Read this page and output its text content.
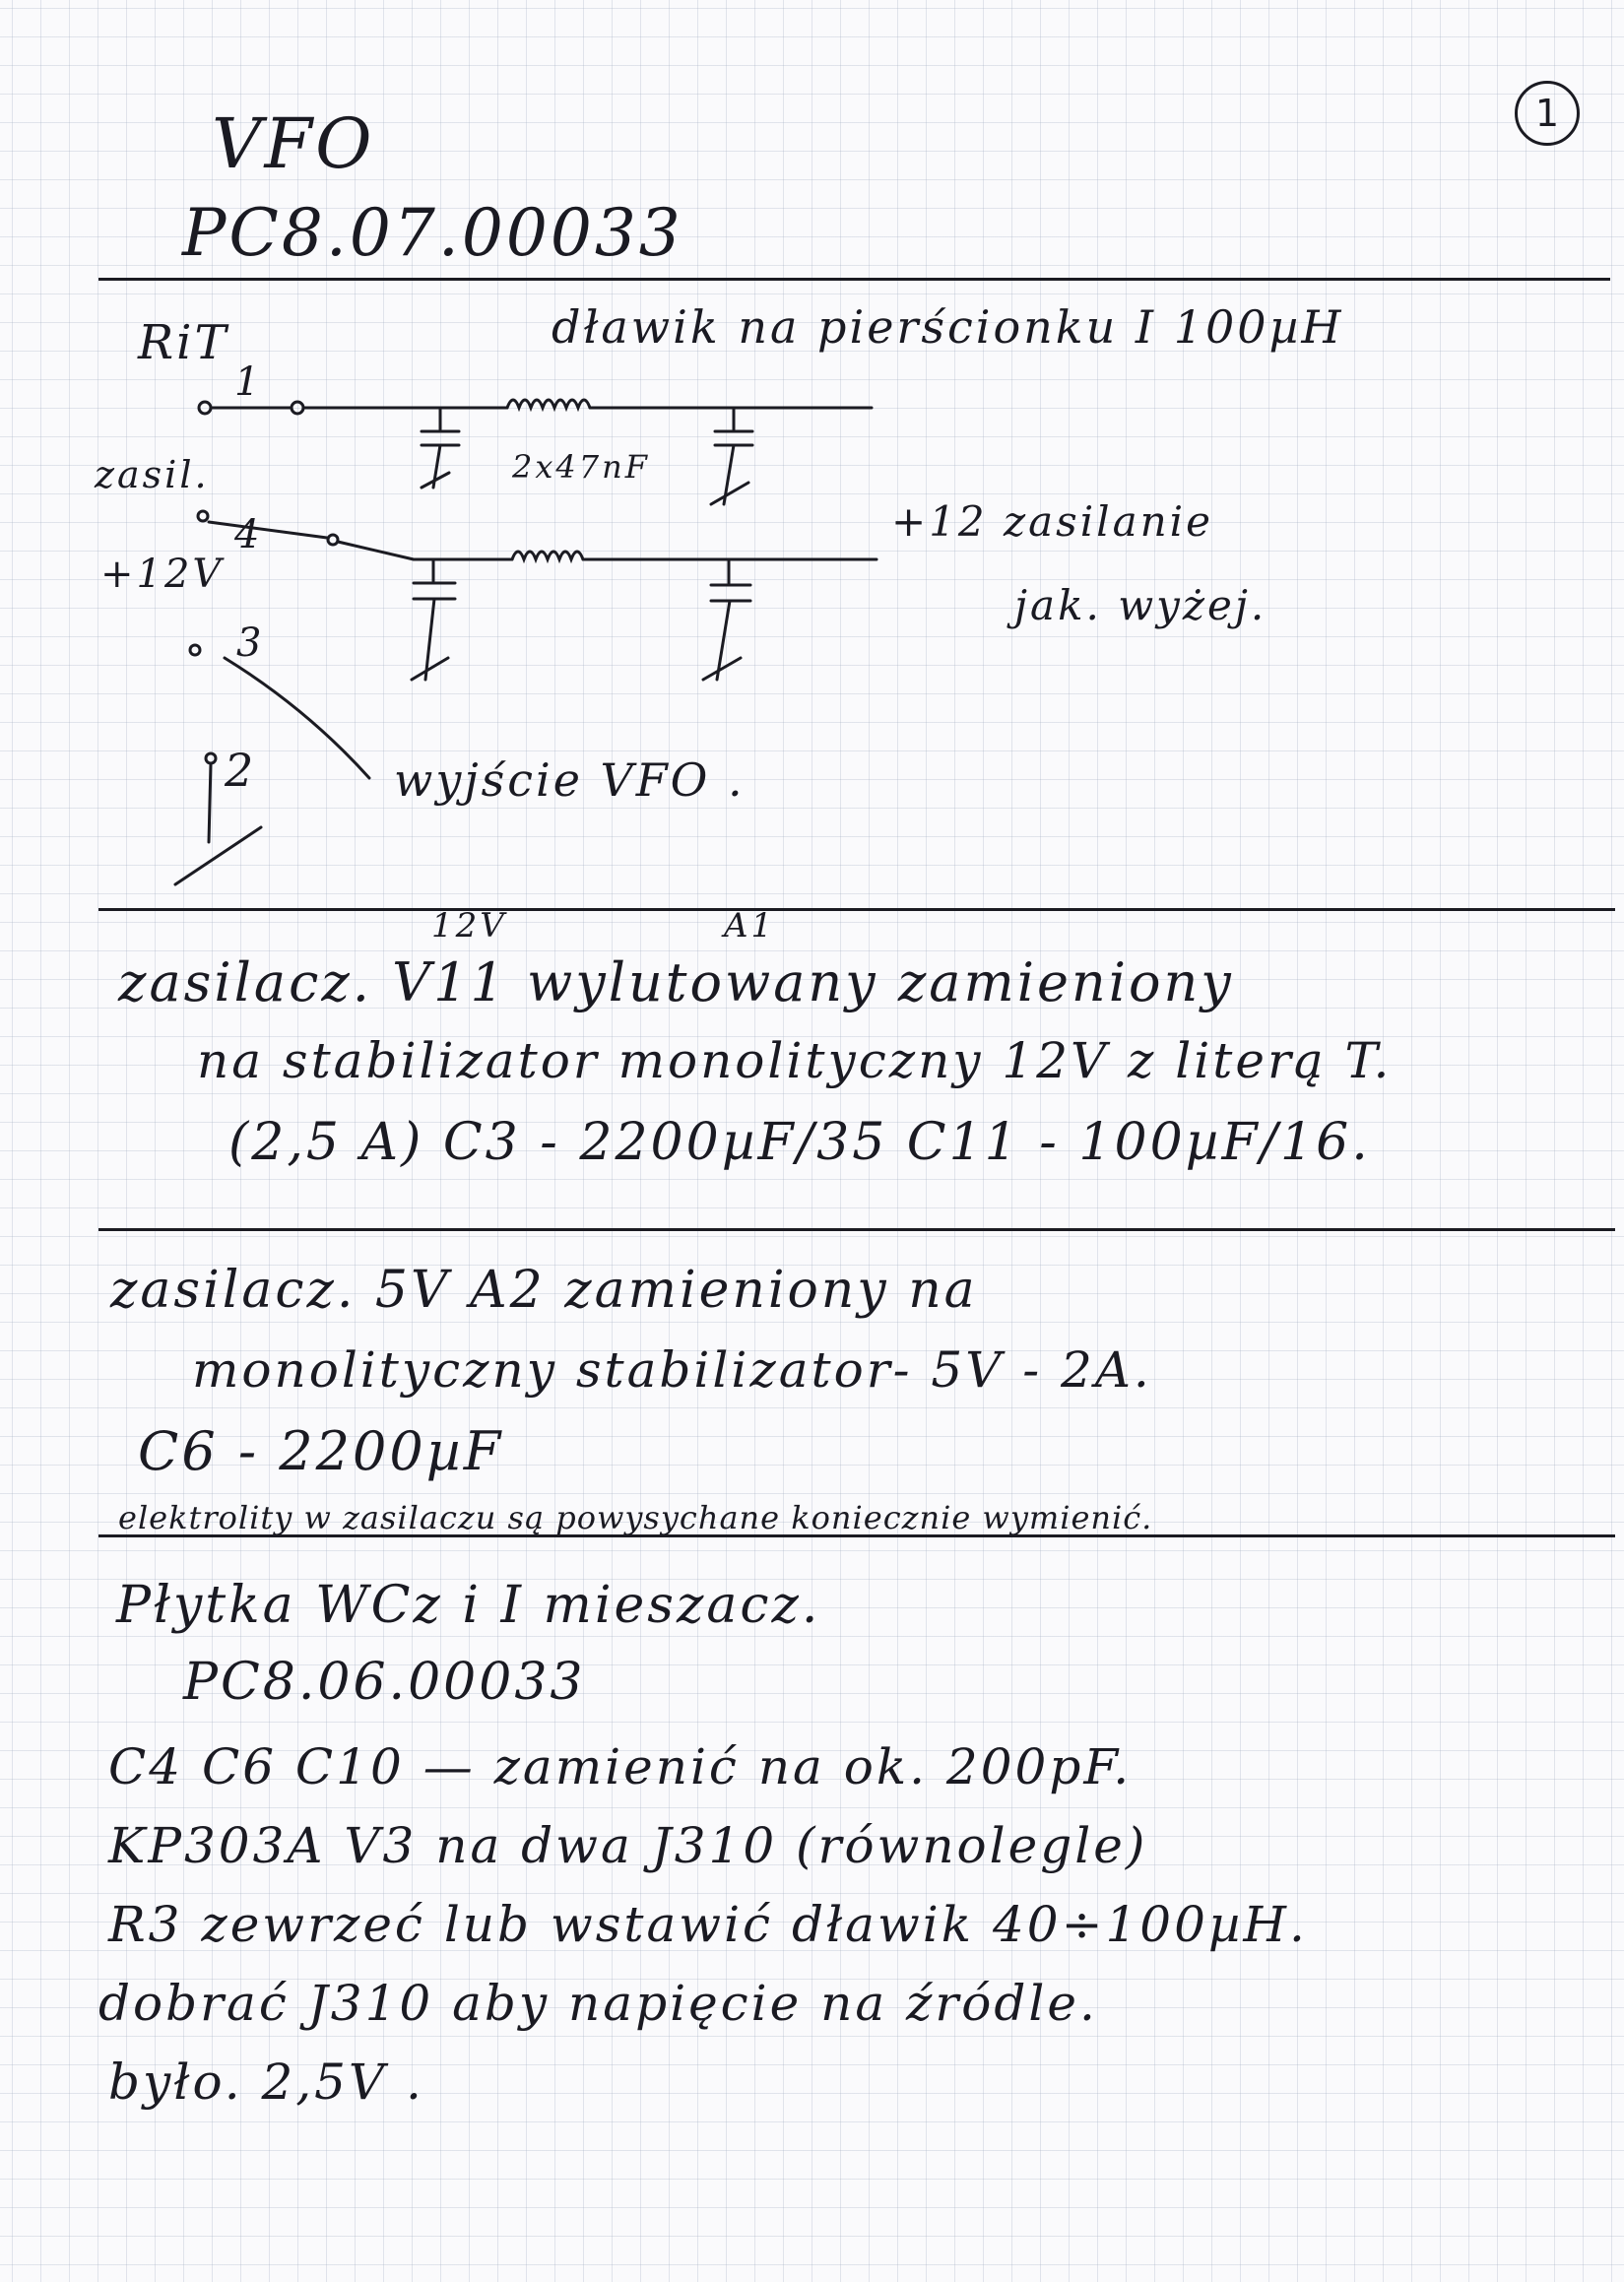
1
VFO
PC8.07.00033
RiT	dławik na pierścionku I 100µH
1
zasil.	2x47nF
4
+12V
+12 zasilanie
jak. wyżej.
3
2	wyjście VFO .
12V	A1
zasilacz. V11 wylutowany zamieniony
na stabilizator monolityczny 12V z literą T.
(2,5 A) C3 - 2200µF/35 C11 - 100µF/16.
zasilacz. 5V A2 zamieniony na
monolityczny stabilizator- 5V - 2A.
C6 - 2200µF
elektrolity w zasilaczu są powysychane koniecznie wymienić.
Płytka WCz i I mieszacz.
PC8.06.00033
C4 C6 C10 — zamienić na ok. 200pF.
KP303A V3 na dwa J310 (równolegle)
R3 zewrzeć lub wstawić dławik 40÷100µH.
dobrać J310 aby napięcie na źródle.
było. 2,5V .
